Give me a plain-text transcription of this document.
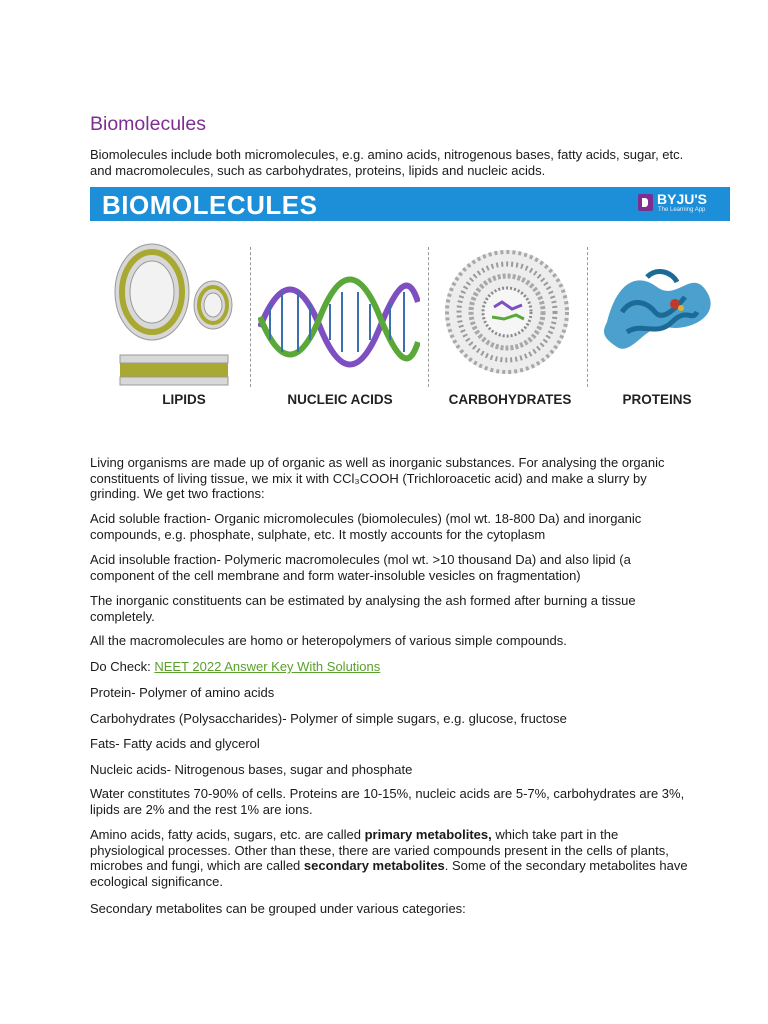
Biomolecules

Biomolecules include both micromolecules, e.g. amino acids, nitrogenous bases, fatty acids, sugar, etc. and macromolecules, such as carbohydrates, proteins, lipids and nucleic acids.

BIOMOLECULES	BYJU'S
The Learning App
LIPIDS	NUCLEIC ACIDS	CARBOHYDRATES	PROTEINS

Living organisms are made up of organic as well as inorganic substances. For analysing the organic constituents of living tissue, we mix it with CCl₃COOH (Trichloroacetic acid) and make a slurry by grinding. We get two fractions:

Acid soluble fraction- Organic micromolecules (biomolecules) (mol wt. 18-800 Da) and inorganic compounds, e.g. phosphate, sulphate, etc. It mostly accounts for the cytoplasm

Acid insoluble fraction- Polymeric macromolecules (mol wt. >10 thousand Da) and also lipid (a component of the cell membrane and form water-insoluble vesicles on fragmentation)

The inorganic constituents can be estimated by analysing the ash formed after burning a tissue completely.

All the macromolecules are homo or heteropolymers of various simple compounds.

Do Check: NEET 2022 Answer Key With Solutions

Protein- Polymer of amino acids

Carbohydrates (Polysaccharides)- Polymer of simple sugars, e.g. glucose, fructose

Fats- Fatty acids and glycerol

Nucleic acids- Nitrogenous bases, sugar and phosphate

Water constitutes 70-90% of cells. Proteins are 10-15%, nucleic acids are 5-7%, carbohydrates are 3%, lipids are 2% and the rest 1% are ions.

Amino acids, fatty acids, sugars, etc. are called primary metabolites, which take part in the physiological processes. Other than these, there are varied compounds present in the cells of plants, microbes and fungi, which are called secondary metabolites. Some of the secondary metabolites have ecological significance.

Secondary metabolites can be grouped under various categories:
